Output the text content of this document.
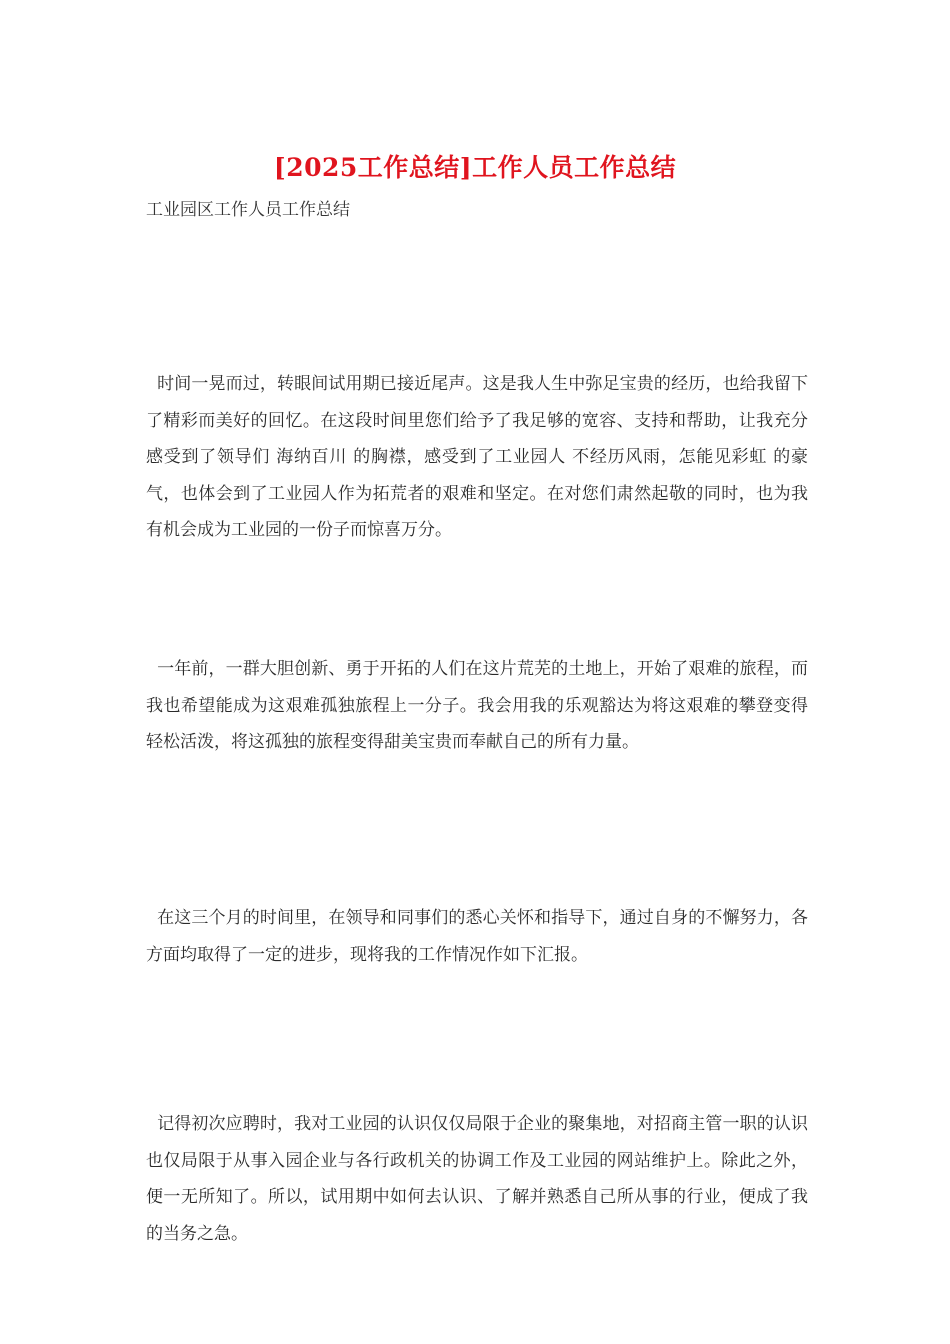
[2025工作总结]工作人员工作总结

工业园区工作人员工作总结

时间一晃而过，转眼间试用期已接近尾声。这是我人生中弥足宝贵的经历，也给我留下了精彩而美好的回忆。在这段时间里您们给予了我足够的宽容、支持和帮助，让我充分感受到了领导们 海纳百川 的胸襟，感受到了工业园人 不经历风雨，怎能见彩虹 的豪气，也体会到了工业园人作为拓荒者的艰难和坚定。在对您们肃然起敬的同时，也为我有机会成为工业园的一份子而惊喜万分。

一年前，一群大胆创新、勇于开拓的人们在这片荒芜的土地上，开始了艰难的旅程，而我也希望能成为这艰难孤独旅程上一分子。我会用我的乐观豁达为将这艰难的攀登变得轻松活泼，将这孤独的旅程变得甜美宝贵而奉献自己的所有力量。

在这三个月的时间里，在领导和同事们的悉心关怀和指导下，通过自身的不懈努力，各方面均取得了一定的进步，现将我的工作情况作如下汇报。

记得初次应聘时，我对工业园的认识仅仅局限于企业的聚集地，对招商主管一职的认识也仅局限于从事入园企业与各行政机关的协调工作及工业园的网站维护上。除此之外，便一无所知了。所以，试用期中如何去认识、了解并熟悉自己所从事的行业，便成了我的当务之急。
